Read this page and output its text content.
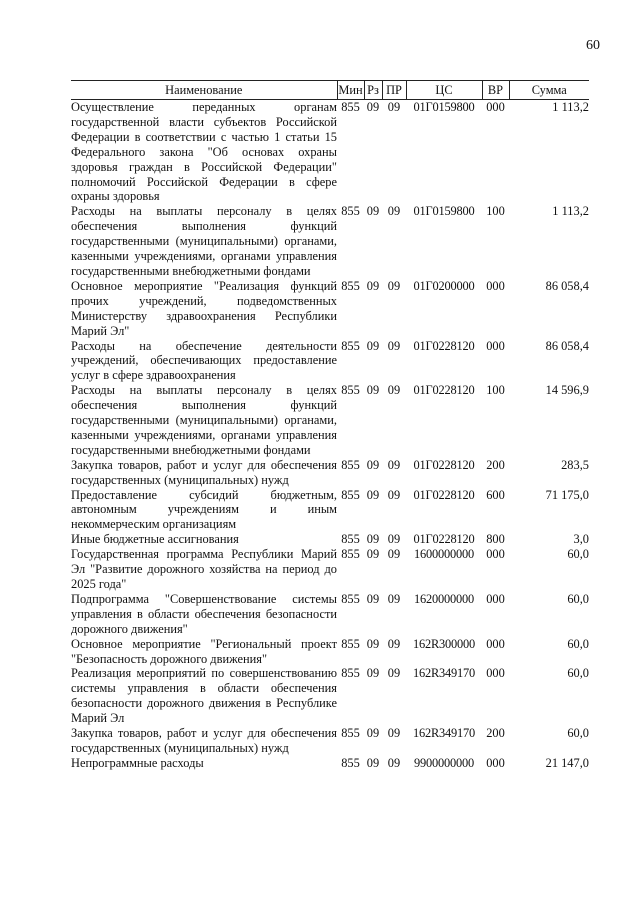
60
Наименование	Мин	Рз	ПР	ЦС	ВР	Сумма
Осуществление переданных органам государственной власти субъектов Российской Федерации в соответствии с частью 1 статьи 15 Федерального закона "Об основах охраны здоровья граждан в Российской Федерации" полномочий Российской Федерации в сфере охраны здоровья	855	09	09	01Г0159800	000	1 113,2
Расходы на выплаты персоналу в целях обеспечения выполнения функций государственными (муниципальными) органами, казенными учреждениями, органами управления государственными внебюджетными фондами	855	09	09	01Г0159800	100	1 113,2
Основное мероприятие "Реализация функций прочих учреждений, подведомственных Министерству здравоохранения Республики Марий Эл"	855	09	09	01Г0200000	000	86 058,4
Расходы на обеспечение деятельности учреждений, обеспечивающих предоставление услуг в сфере здравоохранения	855	09	09	01Г0228120	000	86 058,4
Расходы на выплаты персоналу в целях обеспечения выполнения функций государственными (муниципальными) органами, казенными учреждениями, органами управления государственными внебюджетными фондами	855	09	09	01Г0228120	100	14 596,9
Закупка товаров, работ и услуг для обеспечения государственных (муниципальных) нужд	855	09	09	01Г0228120	200	283,5
Предоставление субсидий бюджетным, автономным учреждениям и иным некоммерческим организациям	855	09	09	01Г0228120	600	71 175,0
Иные бюджетные ассигнования	855	09	09	01Г0228120	800	3,0
Государственная программа Республики Марий Эл "Развитие дорожного хозяйства на период до 2025 года"	855	09	09	1600000000	000	60,0
Подпрограмма "Совершенствование системы управления в области обеспечения безопасности дорожного движения"	855	09	09	1620000000	000	60,0
Основное мероприятие "Региональный проект "Безопасность дорожного движения"	855	09	09	162R300000	000	60,0
Реализация мероприятий по совершенствованию системы управления в области обеспечения безопасности дорожного движения в Республике Марий Эл	855	09	09	162R349170	000	60,0
Закупка товаров, работ и услуг для обеспечения государственных (муниципальных) нужд	855	09	09	162R349170	200	60,0
Непрограммные расходы	855	09	09	9900000000	000	21 147,0
